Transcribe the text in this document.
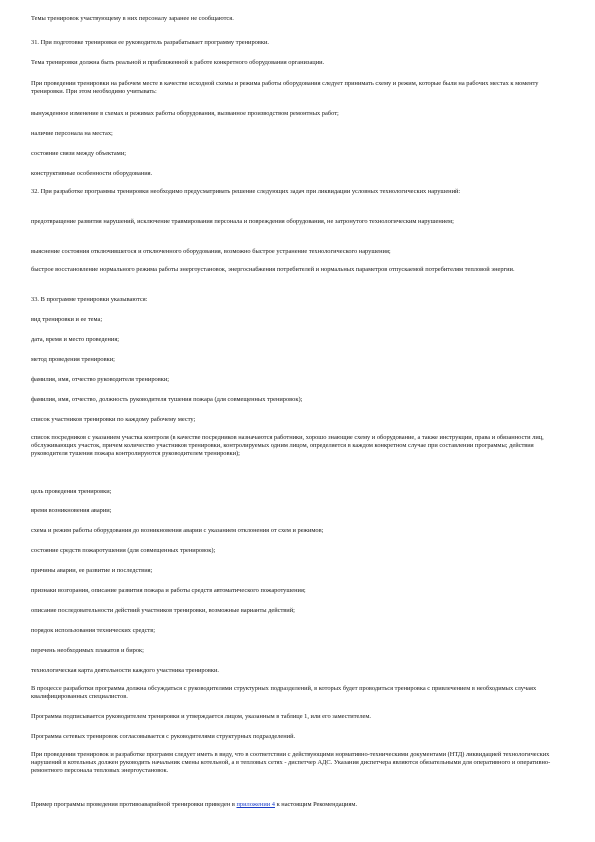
Темы тренировок участвующему в них персоналу заранее не сообщаются.

31. При подготовке тренировки ее руководитель разрабатывает программу тренировки.

Тема тренировки должна быть реальной и приближенной к работе конкретного оборудования организации.

При проведении тренировки на рабочем месте в качестве исходной схемы и режима работы оборудования следует принимать схему и режим, которые были на рабочих местах к моменту тренировки. При этом необходимо учитывать:

вынужденное изменение в схемах и режимах работы оборудования, вызванное производством ремонтных работ;

наличие персонала на местах;

состояние связи между объектами;

конструктивные особенности оборудования.

32. При разработке программы тренировки необходимо предусматривать решение следующих задач при ликвидации условных технологических нарушений:

предотвращение развития нарушений, исключение травмирования персонала и повреждения оборудования, не затронутого технологическим нарушением;

выяснение состояния отключившегося и отключенного оборудования, возможно быстрое устранение технологического нарушения;

быстрое восстановление нормального режима работы энергоустановок, энергоснабжения потребителей и нормальных параметров отпускаемой потребителям тепловой энергии.

33. В программе тренировки указываются:

вид тренировки и ее тема;

дата, время и место проведения;

метод проведения тренировки;

фамилия, имя, отчество руководителя тренировки;

фамилия, имя, отчество, должность руководителя тушения пожара (для совмещенных тренировок);

список участников тренировки по каждому рабочему месту;

список посредников с указанием участка контроля (в качестве посредников назначаются работники, хорошо знающие схему и оборудование, а также инструкции, права и обязанности лиц, обслуживающих участок, причем количество участников тренировки, контролируемых одним лицом, определяется в каждом конкретном случае при составлении программы; действия руководителя тушения пожара контролируются руководителем тренировки);

цель проведения тренировки;

время возникновения аварии;

схема и режим работы оборудования до возникновения аварии с указанием отклонения от схем и режимов;

состояние средств пожаротушения (для совмещенных тренировок);

причины аварии, ее развитие и последствия;

признаки возгорания, описание развития пожара и работы средств автоматического пожаротушения;

описание последовательности действий участников тренировки, возможные варианты действий;

порядок использования технических средств;

перечень необходимых плакатов и бирок;

технологическая карта деятельности каждого участника тренировки.

В процессе разработки программа должна обсуждаться с руководителями структурных подразделений, в которых будет проводиться тренировка с привлечением в необходимых случаях квалифицированных специалистов.

Программа подписывается руководителем тренировки и утверждается лицом, указанным в таблице 1, или его заместителем.

Программа сетевых тренировок согласовывается с руководителями структурных подразделений.

При проведении тренировок и разработке программ следует иметь в виду, что в соответствии с действующими нормативно-техническими документами (НТД) ликвидацией технологических нарушений в котельных должен руководить начальник смены котельной, а в тепловых сетях - диспетчер АДС. Указания диспетчера являются обязательными для оперативного и оперативно-ремонтного персонала тепловых энергоустановок.

Пример программы проведения противоаварийной тренировки приведен в приложении 4 к настоящим Рекомендациям.
